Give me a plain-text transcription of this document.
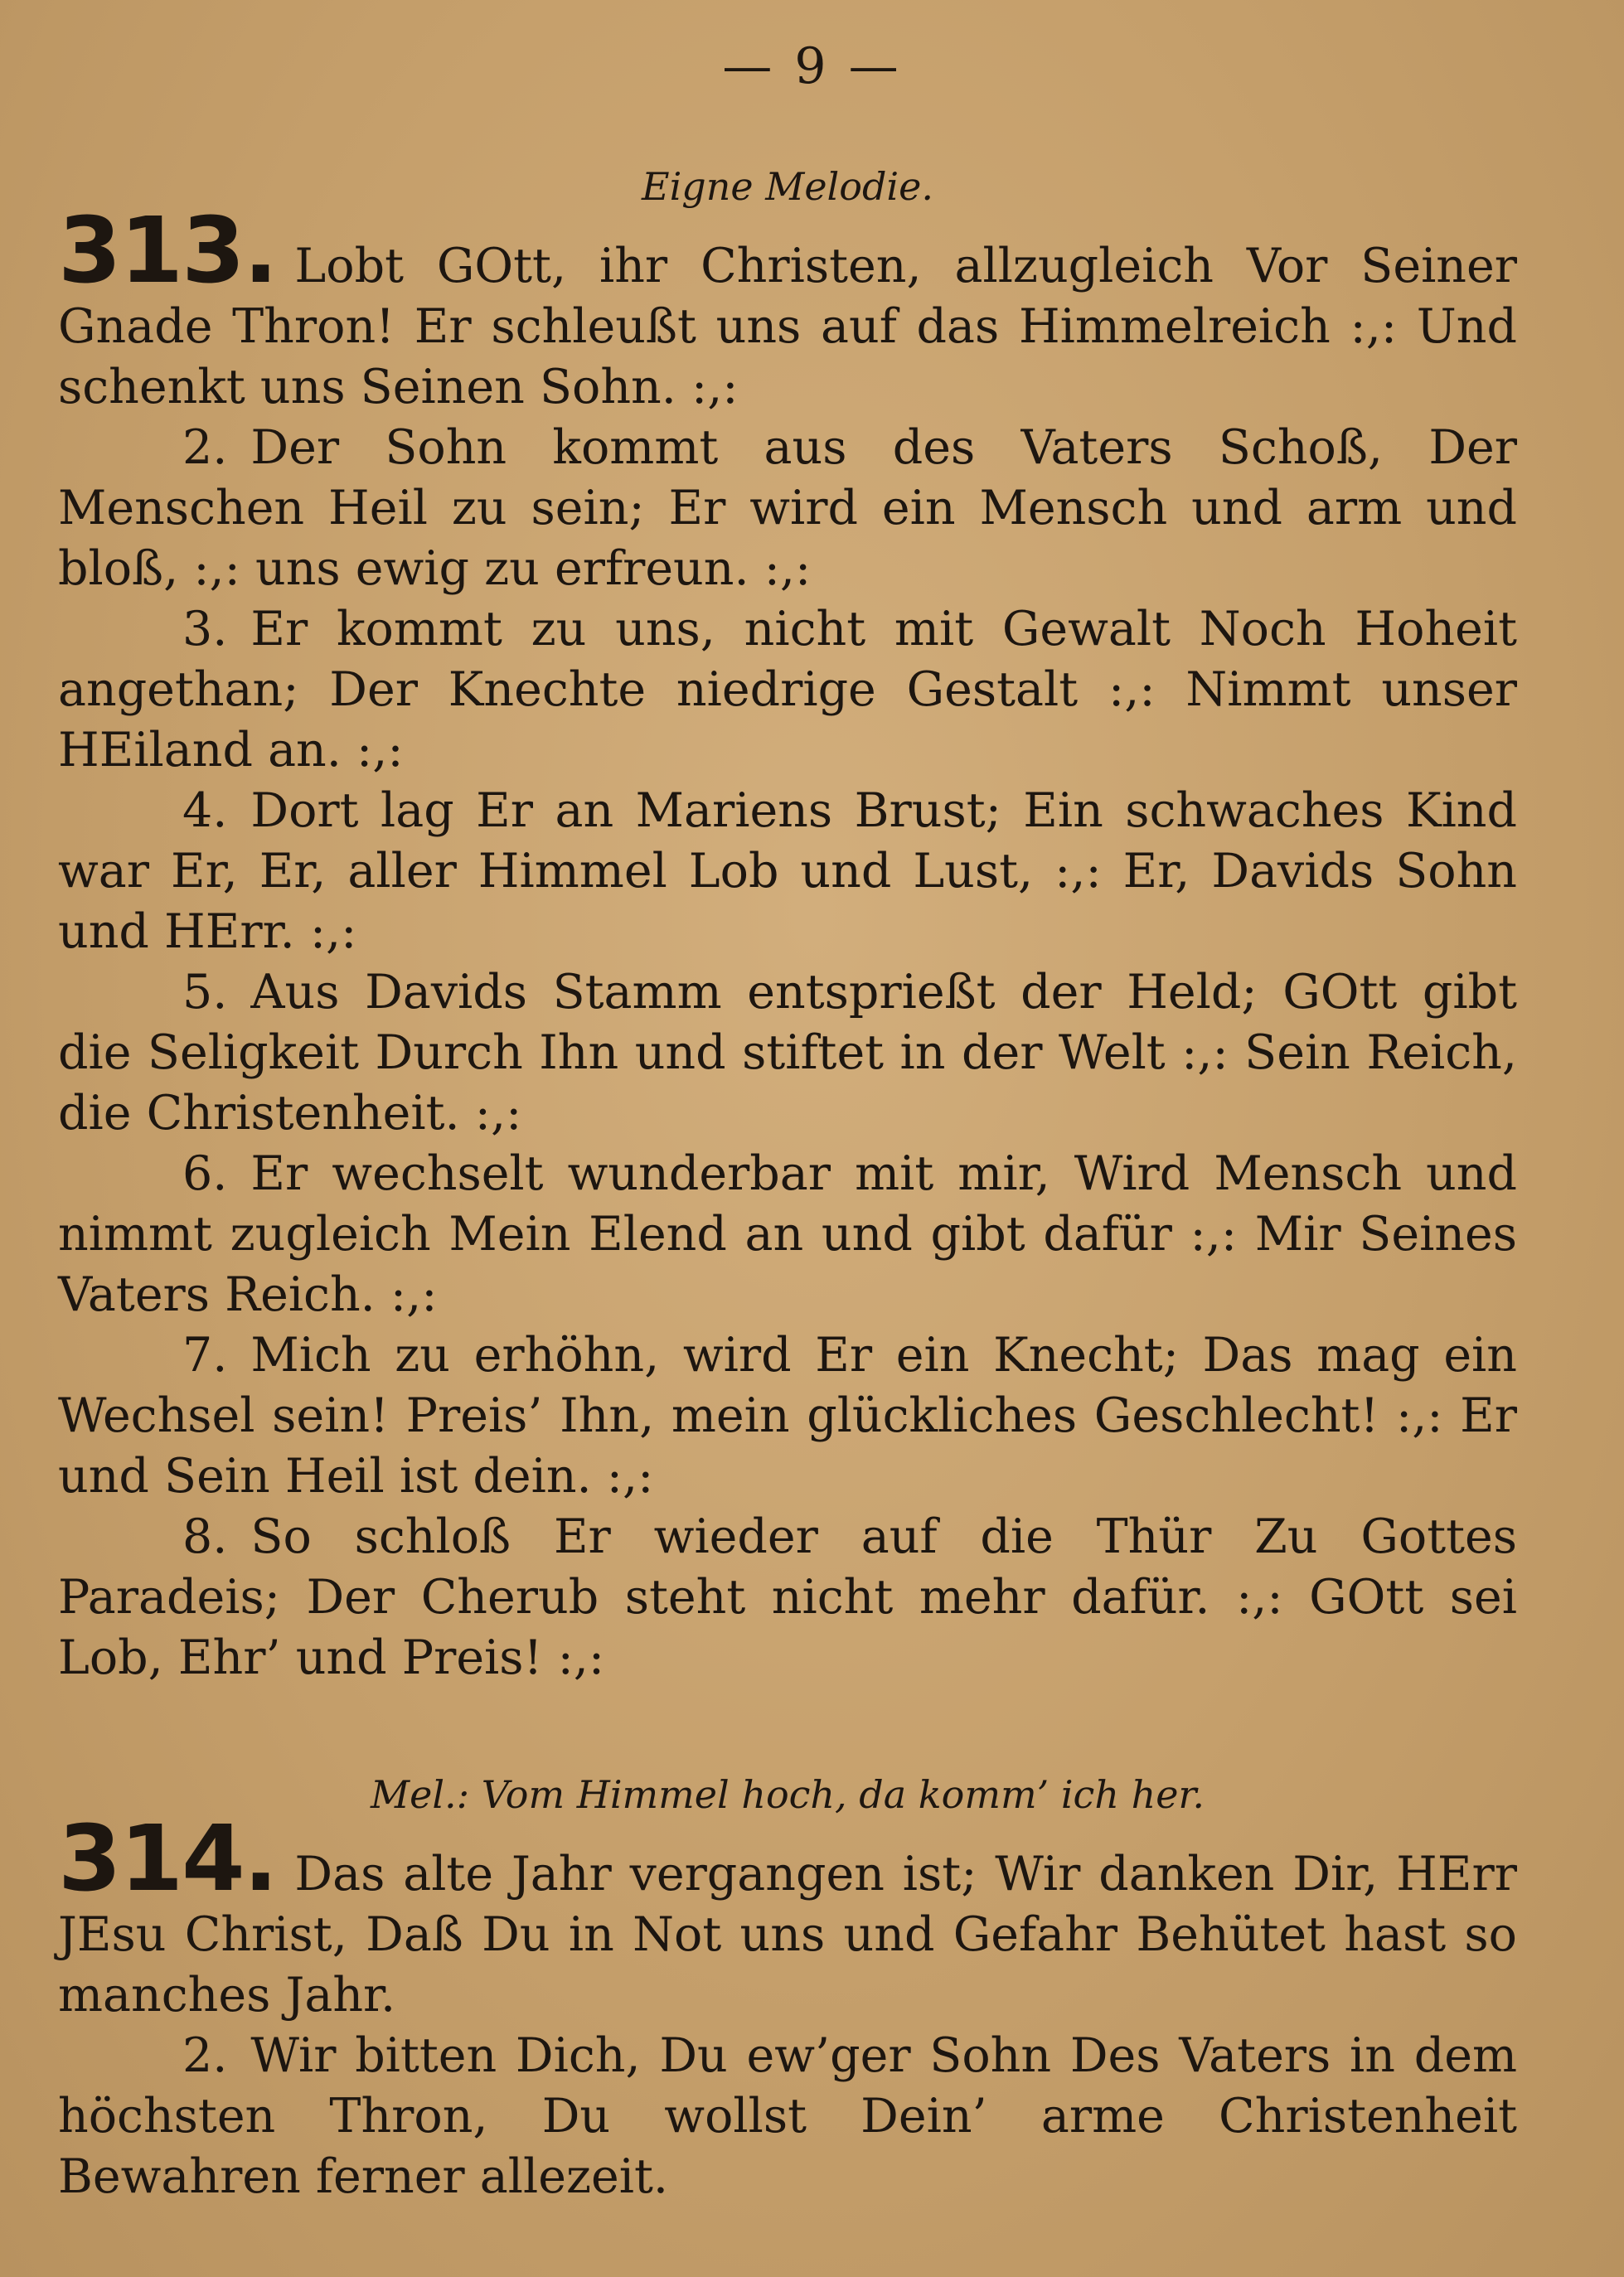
— 9 —
Eigne Melodie.

313. Lobt GOtt, ihr Christen, allzugleich Vor Seiner Gnade Thron! Er schleußt uns auf das Himmelreich :,: Und schenkt uns Seinen Sohn. :,:

2. Der Sohn kommt aus des Vaters Schoß, Der Menschen Heil zu sein; Er wird ein Mensch und arm und bloß, :,: uns ewig zu erfreun. :,:

3. Er kommt zu uns, nicht mit Gewalt Noch Hoheit angethan; Der Knechte niedrige Gestalt :,: Nimmt unser HEiland an. :,:

4. Dort lag Er an Mariens Brust; Ein schwaches Kind war Er, Er, aller Himmel Lob und Lust, :,: Er, Davids Sohn und HErr. :,:

5. Aus Davids Stamm entsprießt der Held; GOtt gibt die Seligkeit Durch Ihn und stiftet in der Welt :,: Sein Reich, die Christenheit. :,:

6. Er wechselt wunderbar mit mir, Wird Mensch und nimmt zugleich Mein Elend an und gibt dafür :,: Mir Seines Vaters Reich. :,:

7. Mich zu erhöhn, wird Er ein Knecht; Das mag ein Wechsel sein! Preis’ Ihn, mein glückliches Geschlecht! :,: Er und Sein Heil ist dein. :,:

8. So schloß Er wieder auf die Thür Zu Gottes Paradeis; Der Cherub steht nicht mehr dafür. :,: GOtt sei Lob, Ehr’ und Preis! :,:

Mel.: Vom Himmel hoch, da komm’ ich her.

314. Das alte Jahr vergangen ist; Wir danken Dir, HErr JEsu Christ, Daß Du in Not uns und Gefahr Behütet hast so manches Jahr.

2. Wir bitten Dich, Du ew’ger Sohn Des Vaters in dem höchsten Thron, Du wollst Dein’ arme Christenheit Bewahren ferner allezeit.
